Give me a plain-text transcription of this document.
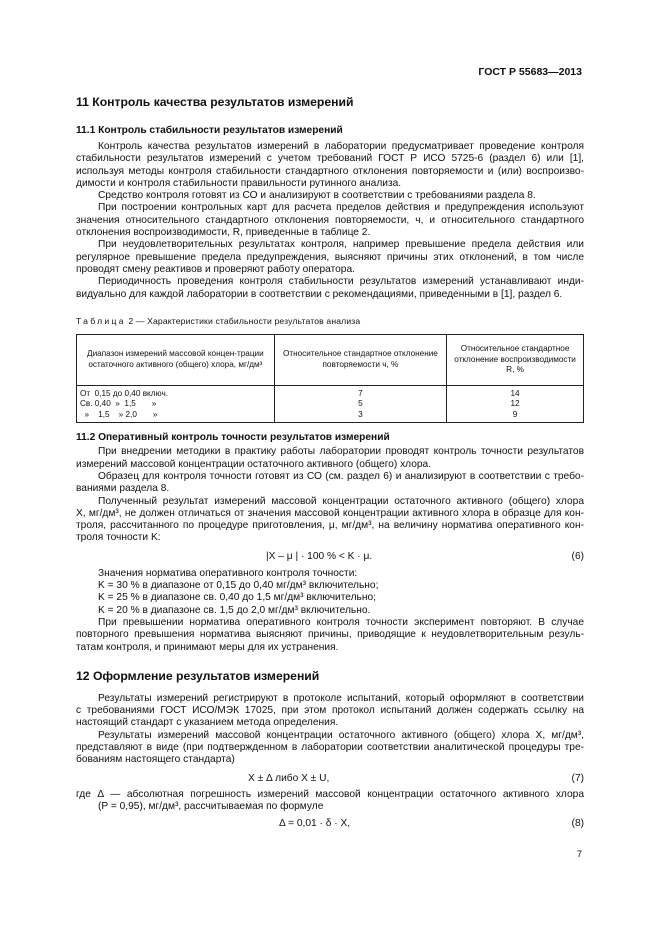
ГОСТ Р 55683—2013
11 Контроль качества результатов измерений
11.1 Контроль стабильности результатов измерений

Контроль качества результатов измерений в лаборатории предусматривает проведение контроля
стабильности результатов измерений с учетом требований ГОСТ Р ИСО 5725-6 (раздел 6) или [1],
используя методы контроля стабильности стандартного отклонения повторяемости и (или) воспроизво-
димости и контроля стабильности правильности рутинного анализа.

Средство контроля готовят из СО и анализируют в соответствии с требованиями раздела 8.

При построении контрольных карт для расчета пределов действия и предупреждения используют
значения относительного стандартного отклонения повторяемости, ч, и относительного стандартного
отклонения воспроизводимости, R, приведенные в таблице 2.

При неудовлетворительных результатах контроля, например превышение предела действия или
регулярное превышение предела предупреждения, выясняют причины этих отклонений, в том числе
проводят смену реактивов и проверяют работу оператора.

Периодичность проведения контроля стабильности результатов измерений устанавливают инди-
видуально для каждой лаборатории в соответствии с рекомендациями, приведенными в [1], раздел 6.

Таблица 2 — Характеристики стабильности результатов анализа

Диапазон измерений массовой концен-трации остаточного активного (общего) хлора, мг/дм³	Относительное стандартное отклонение повторяемости ч, %	Относительное стандартное отклонение воспроизводимости R, %
От  0,15 до 0,40 включ.	7	14
Св. 0,40  »  1,5       »	5	12
»    1,5    » 2,0       »	3	9
11.2 Оперативный контроль точности результатов измерений

При внедрении методики в практику работы лаборатории проводят контроль точности результатов
измерений массовой концентрации остаточного активного (общего) хлора.

Образец для контроля точности готовят из СО (см. раздел 6) и анализируют в соответствии с требо-
ваниями раздела 8.

Полученный результат измерений массовой концентрации остаточного активного (общего) хлора
X, мг/дм³, не должен отличаться от значения массовой концентрации активного хлора в образце для кон-
троля, рассчитанного по процедуре приготовления, μ, мг/дм³, на величину норматива оперативного кон-
троля точности K:

|X – μ | · 100 % < K · μ.	(6)

Значения норматива оперативного контроля точности:

K = 30 % в диапазоне от 0,15 до 0,40 мг/дм³ включительно;

K = 25 % в диапазоне св. 0,40 до 1,5 мг/дм³ включительно;

K = 20 % в диапазоне св. 1,5 до 2,0 мг/дм³ включительно.

При превышении норматива оперативного контроля точности эксперимент повторяют. В случае
повторного превышения норматива выясняют причины, приводящие к неудовлетворительным резуль-
татам контроля, и принимают меры для их устранения.

12 Оформление результатов измерений

Результаты измерений регистрируют в протоколе испытаний, который оформляют в соответствии
с требованиями ГОСТ ИСО/МЭК 17025, при этом протокол испытаний должен содержать ссылку на
настоящий стандарт с указанием метода определения.

Результаты измерений массовой концентрации остаточного активного (общего) хлора X, мг/дм³,
представляют в виде (при подтвержденном в лаборатории соответствии аналитической процедуры тре-
бованиям настоящего стандарта)

X ± Δ либо X ± U,	(7)

где Δ — абсолютная погрешность измерений массовой концентрации остаточного активного хлора
(P = 0,95), мг/дм³, рассчитываемая по формуле

Δ = 0,01 · δ · X,	(8)
7
